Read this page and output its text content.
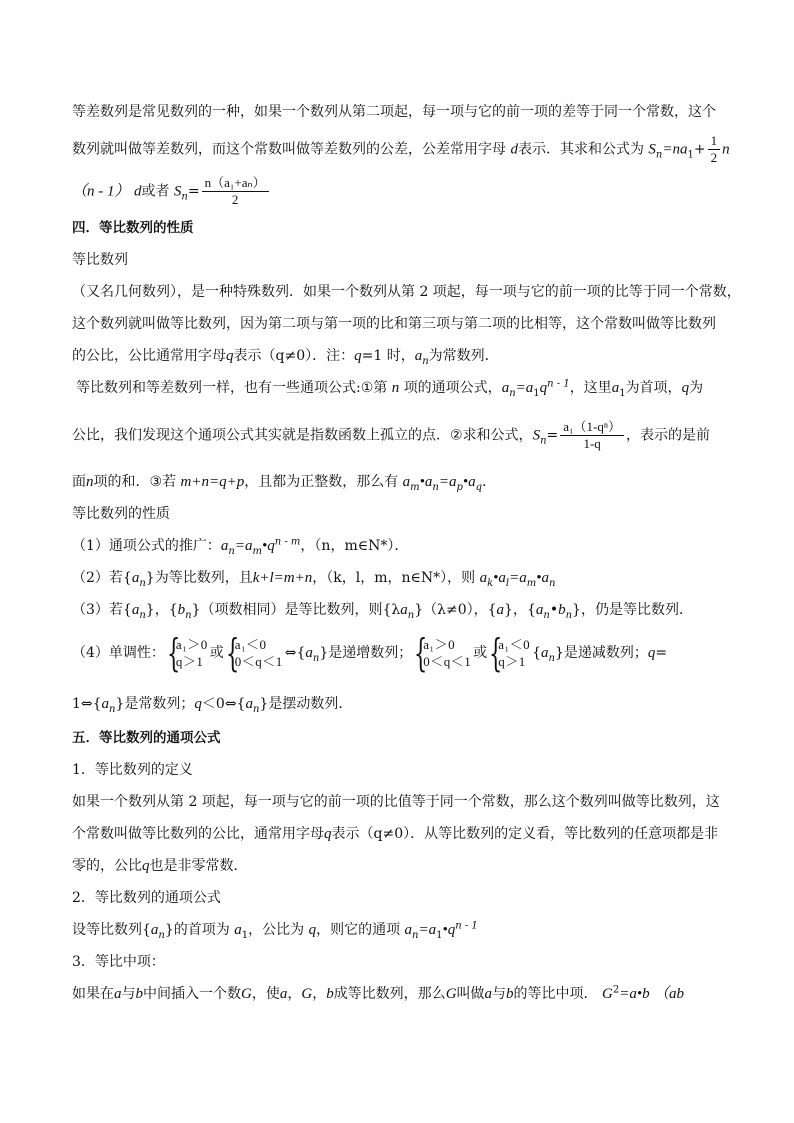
等差数列是常见数列的一种，如果一个数列从第二项起，每一项与它的前一项的差等于同一个常数，这个
数列就叫做等差数列，而这个常数叫做等差数列的公差，公差常用字母 d表示．其求和公式为 $S_n=na_1+ \frac{1}{2}$ n
（n - 1） d或者 $S_n= \frac{\text{n（a₁+aₙ）}}{2}$
四．等比数列的性质
等比数列
（又名几何数列），是一种特殊数列．如果一个数列从第 2 项起，每一项与它的前一项的比等于同一个常数，
这个数列就叫做等比数列，因为第二项与第一项的比和第三项与第二项的比相等，这个常数叫做等比数列
的公比，公比通常用字母q表示（q≠0）．注：q=1 时，$a_n$为常数列．
等比数列和等差数列一样，也有一些通项公式:①第 n 项的通项公式，$a_n=a_1q^{n - 1}$，这里$a_1$为首项，q为
公比，我们发现这个通项公式其实就是指数函数上孤立的点．②求和公式，$S_n= \frac{\text{a₁（1-qⁿ）}}{1-q}$ ，表示的是前
面n项的和．③若 m+n=q+p，且都为正整数，那么有 $a_m•a_n=a_p•a_q$．
等比数列的性质
（1）通项公式的推广：$a_n=a_m•q^{n - m}$，（n，m∈N*）．
（2）若$\{a_n\}$为等比数列，且k+l=m+n，（k，l，m，n∈N*），则 $a_k•a_l=a_m•a_n$
（3）若$\{a_n\}$，$\{b_n\}$（项数相同）是等比数列，则$\{\lambda a_n\}(\lambda\ne 0)$，{a}，$\{a_n•b_n\}$，仍是等比数列．
（4）单调性： {
a₁＞0
q＞1
或 {
a₁＜0
0＜q＜1
$\Leftrightarrow\{a_n\}$是递增数列； {
a₁＞0
0＜q＜1
或 {
a₁＜0
q＞1
$\{a_n\}$是递减数列；q=
$1\Leftrightarrow\{a_n\}$是常数列；$q<0\Leftrightarrow\{a_n\}$是摆动数列．
五．等比数列的通项公式
1．等比数列的定义
如果一个数列从第 2 项起，每一项与它的前一项的比值等于同一个常数，那么这个数列叫做等比数列，这
个常数叫做等比数列的公比，通常用字母q表示（q≠0）．从等比数列的定义看，等比数列的任意项都是非
零的，公比q也是非零常数．
2．等比数列的通项公式
设等比数列$\{a_n\}$的首项为 $a_1$，公比为 q，则它的通项 $a_n=a_1•q^{n - 1}$
3．等比中项：
如果在a与b中间插入一个数G，使a，G，b成等比数列，那么G叫做a与b的等比中项． $G^2=a•b$ （ab
